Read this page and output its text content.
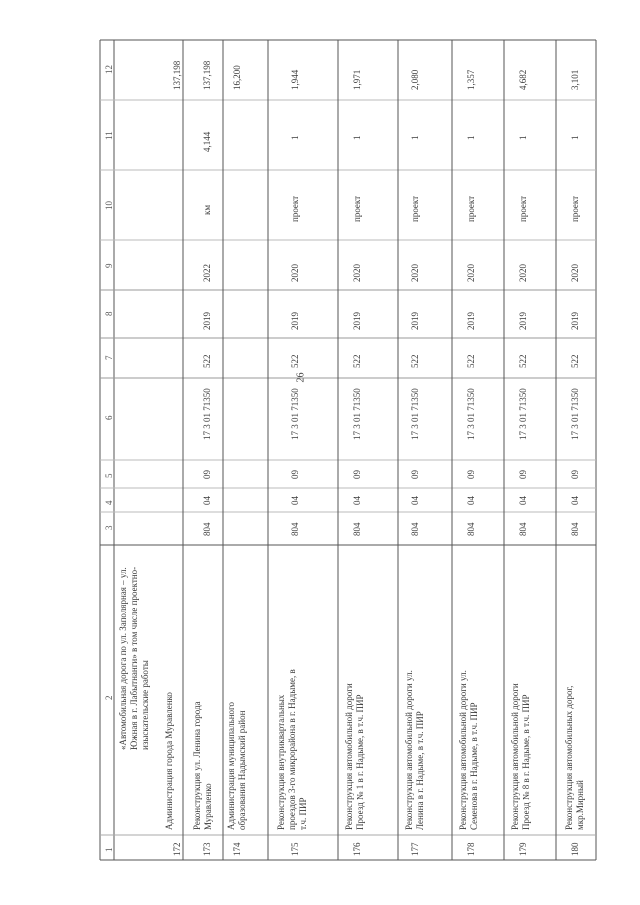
26
1
2
3
4
5
6
7
8
9
10
11
12
«Автомобильная дорога по ул. Заполярная – ул. Южная в г. Лабытнанги» в том числе проектно-изыскательские работы
172
Администрация города Муравленко
137,198
173
Реконструкция ул. Ленина города Муравленко
804
04
09
17 3 01 71350
522
2019
2022
км
4,144
137,198
174
Администрация муниципального образования Надымский район
16,200
175
Реконструкция внутриквартальных проездов 3-го микрорайона в г. Надыме, в т.ч. ПИР
804
04
09
17 3 01 71350
522
2019
2020
проект
1
1,944
176
Реконструкция автомобильной дороги Проезд № 1 в г. Надыме, в т.ч. ПИР
804
04
09
17 3 01 71350
522
2019
2020
проект
1
1,971
177
Реконструкция автомобильной дороги ул. Ленина в г. Надыме, в т.ч. ПИР
804
04
09
17 3 01 71350
522
2019
2020
проект
1
2,080
178
Реконструкция автомобильной дороги ул. Семенова в г. Надыме, в т.ч. ПИР
804
04
09
17 3 01 71350
522
2019
2020
проект
1
1,357
179
Реконструкция автомобильной дороги Проезд № 8 в г. Надыме, в т.ч. ПИР
804
04
09
17 3 01 71350
522
2019
2020
проект
1
4,682
180
Реконструкция автомобильных дорог, мкр.Мирный
804
04
09
17 3 01 71350
522
2019
2020
проект
1
3,101
